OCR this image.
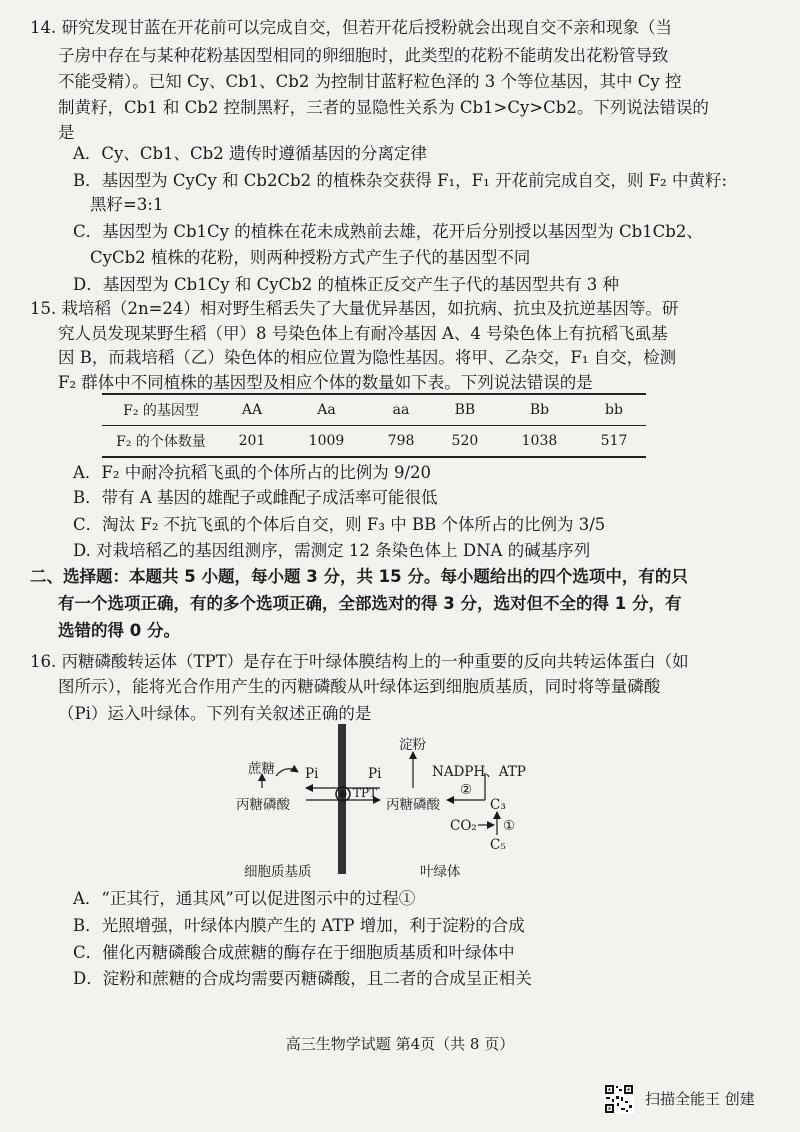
14. 研究发现甘蓝在开花前可以完成自交，但若开花后授粉就会出现自交不亲和现象（当
子房中存在与某种花粉基因型相同的卵细胞时，此类型的花粉不能萌发出花粉管导致
不能受精）。已知 Cy、Cb1、Cb2 为控制甘蓝籽粒色泽的 3 个等位基因，其中 Cy 控
制黄籽，Cb1 和 Cb2 控制黑籽，三者的显隐性关系为 Cb1>Cy>Cb2。下列说法错误的
是
A．Cy、Cb1、Cb2 遗传时遵循基因的分离定律
B．基因型为 CyCy 和 Cb2Cb2 的植株杂交获得 F₁，F₁ 开花前完成自交，则 F₂ 中黄籽:
黑籽=3:1
C．基因型为 Cb1Cy 的植株在花未成熟前去雄，花开后分别授以基因型为 Cb1Cb2、
CyCb2 植株的花粉，则两种授粉方式产生子代的基因型不同
D．基因型为 Cb1Cy 和 CyCb2 的植株正反交产生子代的基因型共有 3 种
15. 栽培稻（2n=24）相对野生稻丢失了大量优异基因，如抗病、抗虫及抗逆基因等。研
究人员发现某野生稻（甲）8 号染色体上有耐冷基因 A、4 号染色体上有抗稻飞虱基
因 B，而栽培稻（乙）染色体的相应位置为隐性基因。将甲、乙杂交，F₁ 自交，检测
F₂ 群体中不同植株的基因型及相应个体的数量如下表。下列说法错误的是
F₂ 的基因型	AA	Aa	aa	BB	Bb	bb
F₂ 的个体数量	201	1009	798	520	1038	517
A．F₂ 中耐冷抗稻飞虱的个体所占的比例为 9/20
B．带有 A 基因的雄配子或雌配子成活率可能很低
C．淘汰 F₂ 不抗飞虱的个体后自交，则 F₃ 中 BB 个体所占的比例为 3/5
D. 对栽培稻乙的基因组测序，需测定 12 条染色体上 DNA 的碱基序列
二、选择题：本题共 5 小题，每小题 3 分，共 15 分。每小题给出的四个选项中，有的只
有一个选项正确，有的多个选项正确，全部选对的得 3 分，选对但不全的得 1 分，有
选错的得 0 分。
16. 丙糖磷酸转运体（TPT）是存在于叶绿体膜结构上的一种重要的反向共转运体蛋白（如
图所示），能将光合作用产生的丙糖磷酸从叶绿体运到细胞质基质，同时将等量磷酸
（Pi）运入叶绿体。下列有关叙述正确的是
蔗糖 Pi	Pi
丙糖磷酸
TPT
丙糖磷酸
淀粉
NADPH、ATP
②
C₃
CO₂ ①
C₅
细胞质基质	叶绿体
A．“正其行，通其风”可以促进图示中的过程①
B．光照增强，叶绿体内膜产生的 ATP 增加，利于淀粉的合成
C．催化丙糖磷酸合成蔗糖的酶存在于细胞质基质和叶绿体中
D．淀粉和蔗糖的合成均需要丙糖磷酸，且二者的合成呈正相关
高三生物学试题 第4页（共 8 页）
扫描全能王 创建
